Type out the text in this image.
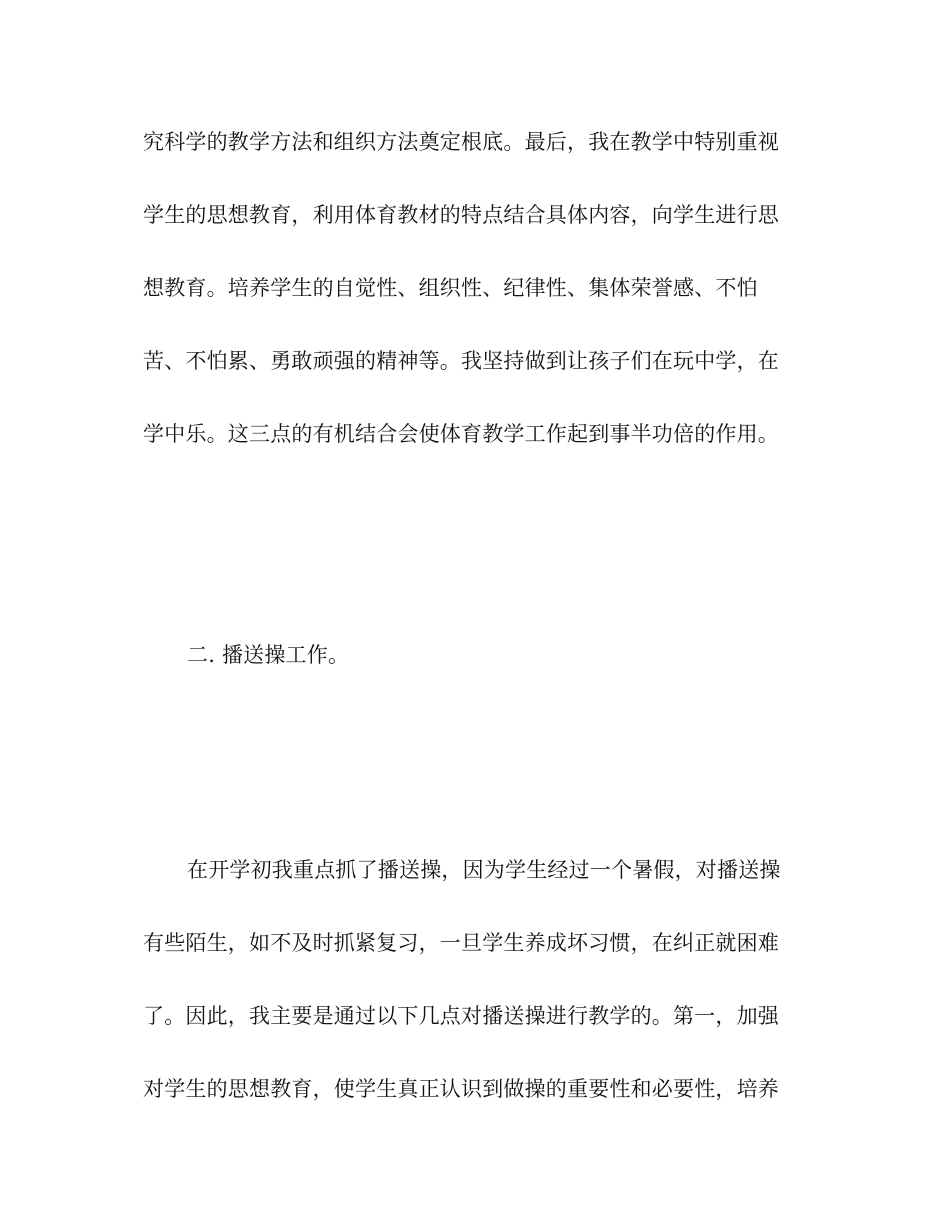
究科学的教学方法和组织方法奠定根底。最后，我在教学中特别重视
学生的思想教育，利用体育教材的特点结合具体内容，向学生进行思
想教育。培养学生的自觉性、组织性、纪律性、集体荣誉感、不怕
苦、不怕累、勇敢顽强的精神等。我坚持做到让孩子们在玩中学，在
学中乐。这三点的有机结合会使体育教学工作起到事半功倍的作用。
二. 播送操工作。
在开学初我重点抓了播送操，因为学生经过一个暑假，对播送操
有些陌生，如不及时抓紧复习，一旦学生养成坏习惯，在纠正就困难
了。因此，我主要是通过以下几点对播送操进行教学的。第一，加强
对学生的思想教育，使学生真正认识到做操的重要性和必要性，培养
